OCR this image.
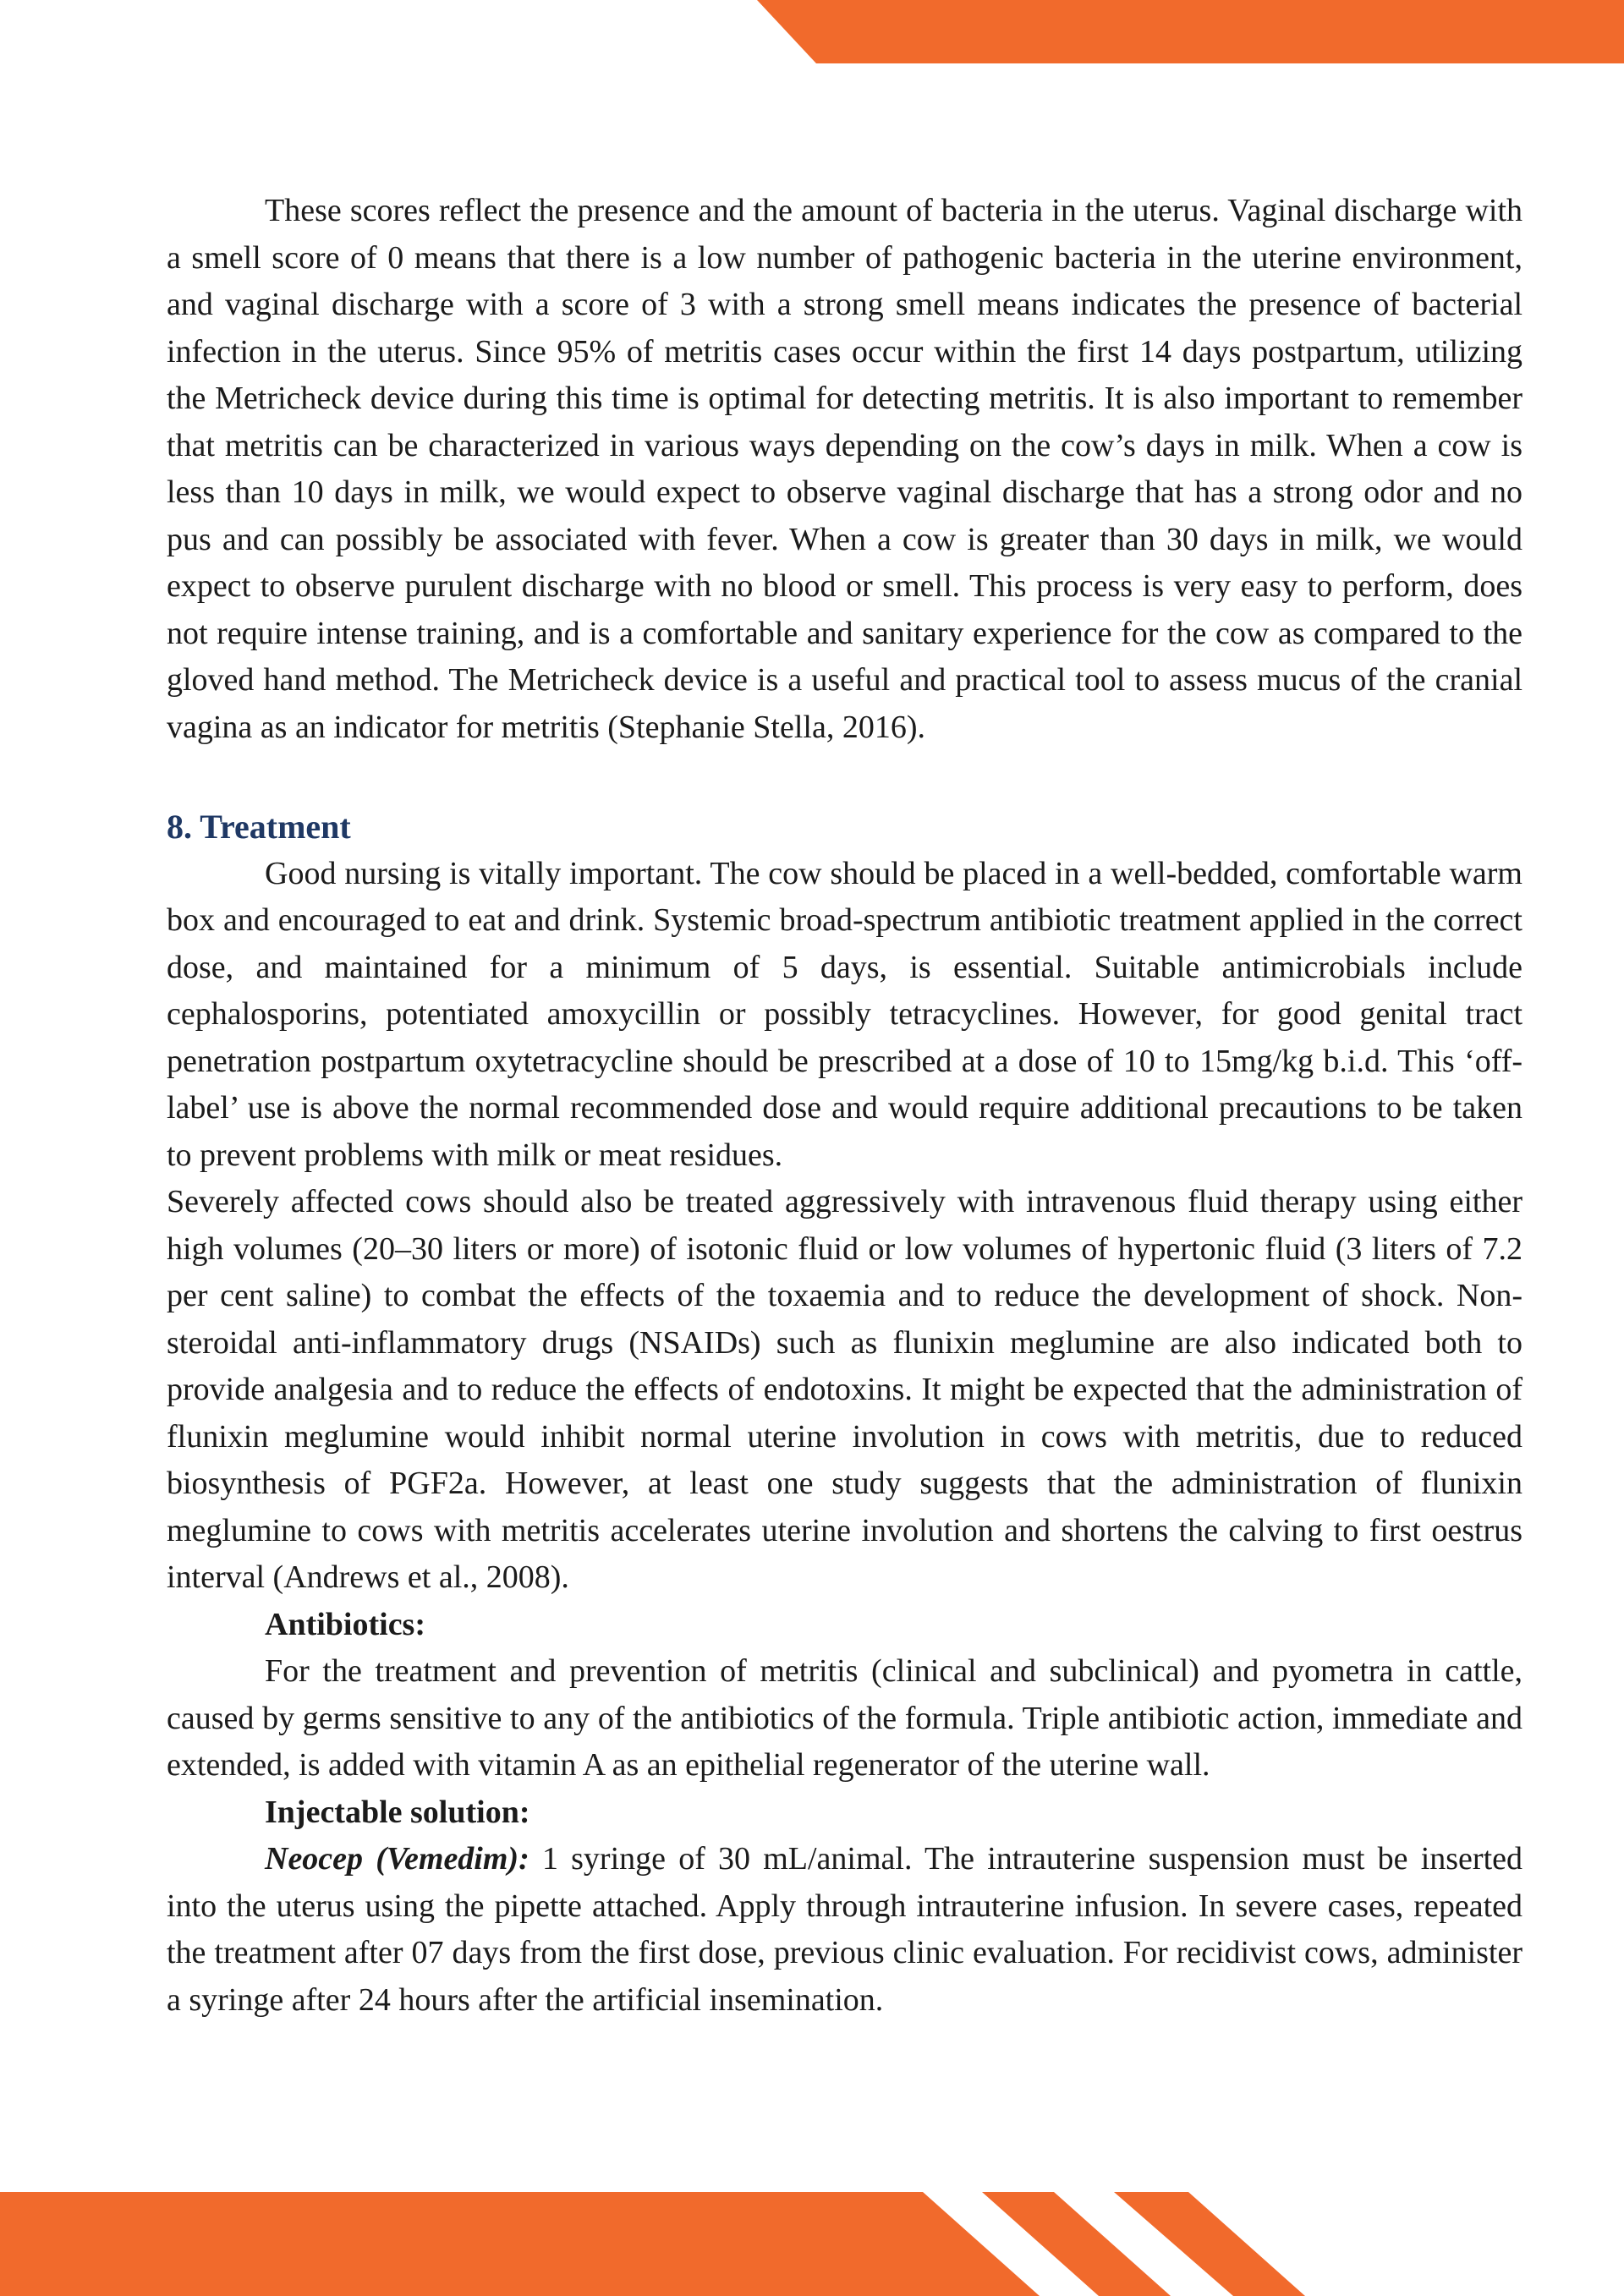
These scores reflect the presence and the amount of bacteria in the uterus. Vaginal discharge with a smell score of 0 means that there is a low number of pathogenic bacteria in the uterine environment, and vaginal discharge with a score of 3 with a strong smell means indicates the presence of bacterial infection in the uterus. Since 95% of metritis cases occur within the first 14 days postpartum, utilizing the Metricheck device during this time is optimal for detecting metritis. It is also important to remember that metritis can be characterized in various ways depending on the cow’s days in milk. When a cow is less than 10 days in milk, we would expect to observe vaginal discharge that has a strong odor and no pus and can possibly be associated with fever. When a cow is greater than 30 days in milk, we would expect to observe purulent discharge with no blood or smell. This process is very easy to perform, does not require intense training, and is a comfortable and sanitary experience for the cow as compared to the gloved hand method. The Metricheck device is a useful and practical tool to assess mucus of the cranial vagina as an indicator for metritis (Stephanie Stella, 2016).

8. Treatment

Good nursing is vitally important. The cow should be placed in a well-bedded, comfortable warm box and encouraged to eat and drink. Systemic broad-spectrum antibiotic treatment applied in the correct dose, and maintained for a minimum of 5 days, is essential. Suitable antimicrobials include cephalosporins, potentiated amoxycillin or possibly tetracyclines. However, for good genital tract penetration postpartum oxytetracycline should be prescribed at a dose of 10 to 15mg/kg b.i.d. This ‘off-label’ use is above the normal recommended dose and would require additional precautions to be taken to prevent problems with milk or meat residues.

Severely affected cows should also be treated aggressively with intravenous fluid therapy using either high volumes (20–30 liters or more) of isotonic fluid or low volumes of hypertonic fluid (3 liters of 7.2 per cent saline) to combat the effects of the toxaemia and to reduce the development of shock. Non-steroidal anti-inflammatory drugs (NSAIDs) such as flunixin meglumine are also indicated both to provide analgesia and to reduce the effects of endotoxins. It might be expected that the administration of flunixin meglumine would inhibit normal uterine involution in cows with metritis, due to reduced biosynthesis of PGF2a. However, at least one study suggests that the administration of flunixin meglumine to cows with metritis accelerates uterine involution and shortens the calving to first oestrus interval (Andrews et al., 2008).

Antibiotics:

For the treatment and prevention of metritis (clinical and subclinical) and pyometra in cattle, caused by germs sensitive to any of the antibiotics of the formula. Triple antibiotic action, immediate and extended, is added with vitamin A as an epithelial regenerator of the uterine wall.

Injectable solution:

Neocep (Vemedim): 1 syringe of 30 mL/animal. The intrauterine suspension must be inserted into the uterus using the pipette attached. Apply through intrauterine infusion. In severe cases, repeated the treatment after 07 days from the first dose, previous clinic evaluation. For recidivist cows, administer a syringe after 24 hours after the artificial insemination.
